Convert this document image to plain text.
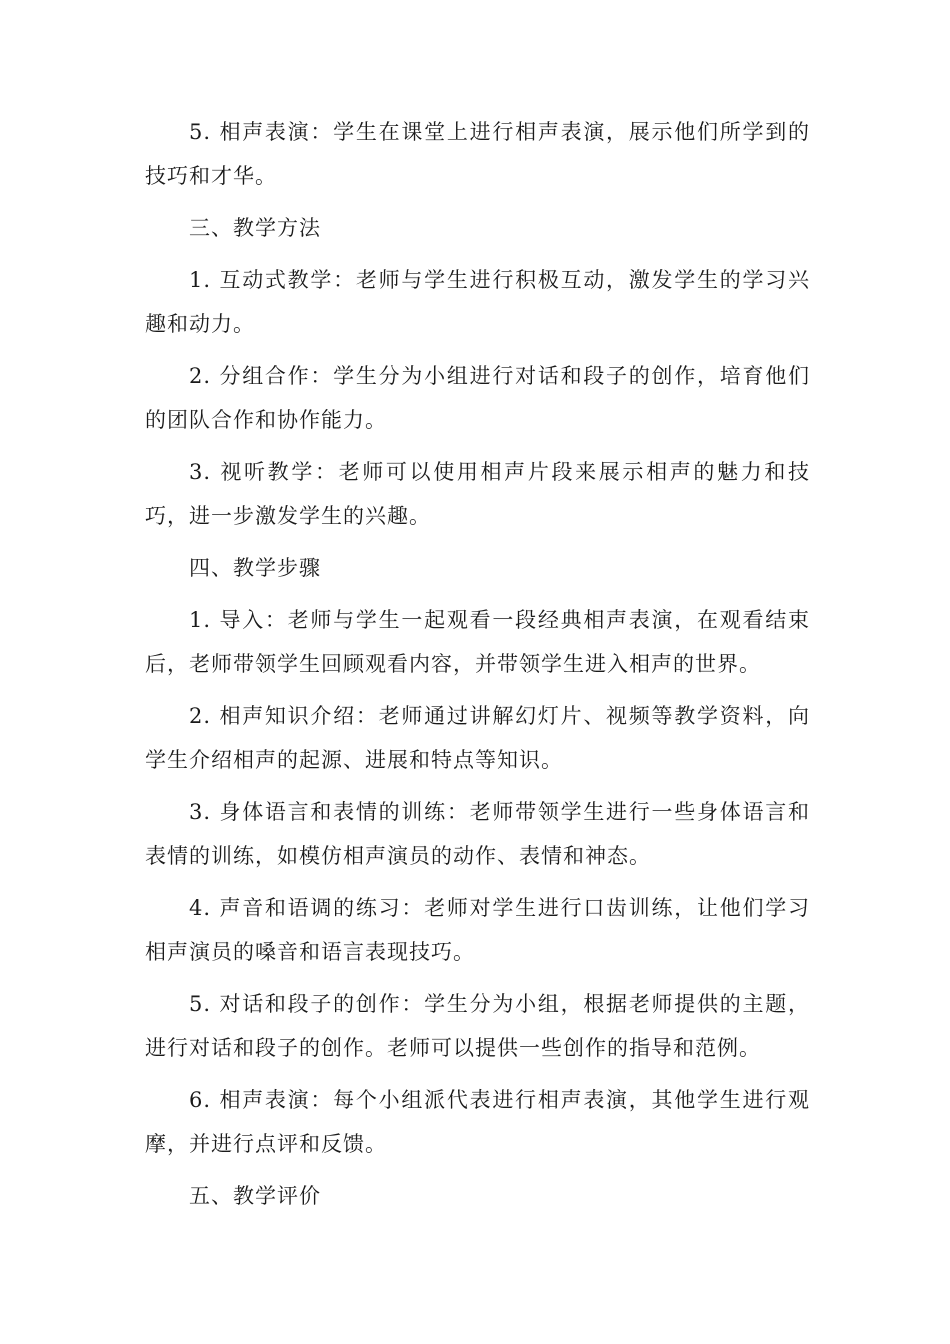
5. 相声表演：学生在课堂上进行相声表演，展示他们所学到的技巧和才华。

三、教学方法

1. 互动式教学：老师与学生进行积极互动，激发学生的学习兴趣和动力。

2. 分组合作：学生分为小组进行对话和段子的创作，培育他们的团队合作和协作能力。

3. 视听教学：老师可以使用相声片段来展示相声的魅力和技巧，进一步激发学生的兴趣。

四、教学步骤

1. 导入：老师与学生一起观看一段经典相声表演，在观看结束后，老师带领学生回顾观看内容，并带领学生进入相声的世界。

2. 相声知识介绍：老师通过讲解幻灯片、视频等教学资料，向学生介绍相声的起源、进展和特点等知识。

3. 身体语言和表情的训练：老师带领学生进行一些身体语言和表情的训练，如模仿相声演员的动作、表情和神态。

4. 声音和语调的练习：老师对学生进行口齿训练，让他们学习相声演员的嗓音和语言表现技巧。

5. 对话和段子的创作：学生分为小组，根据老师提供的主题，进行对话和段子的创作。老师可以提供一些创作的指导和范例。

6. 相声表演：每个小组派代表进行相声表演，其他学生进行观摩，并进行点评和反馈。

五、教学评价
